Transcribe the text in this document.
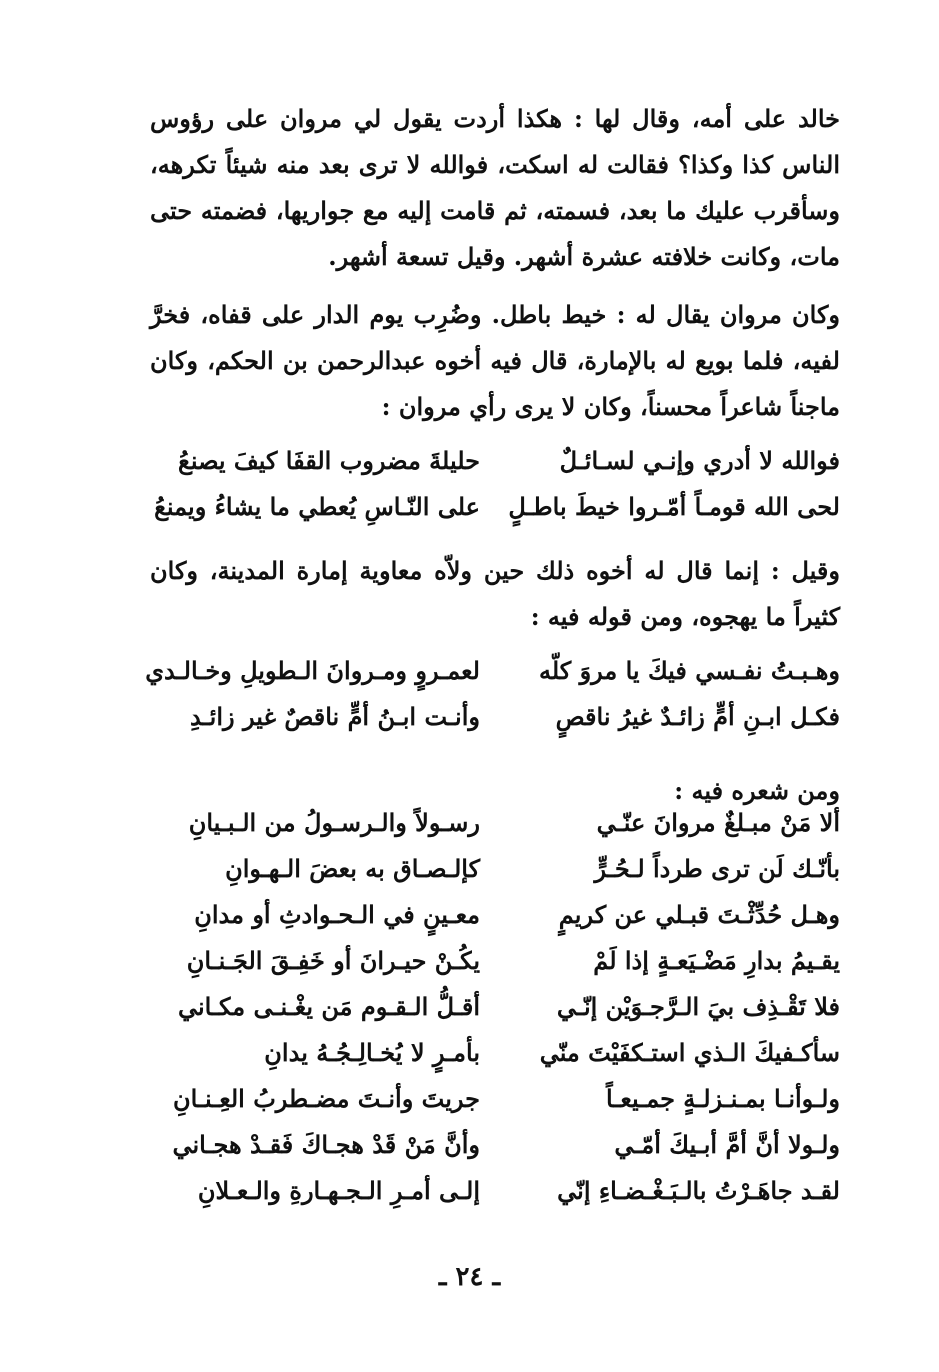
خالد على أمه، وقال لها : هكذا أردت يقول لي مروان على رؤوس الناس كذا وكذا؟ فقالت له اسكت، فوالله لا ترى بعد منه شيئاً تكرهه، وسأقرب عليك ما بعد، فسمته، ثم قامت إليه مع جواريها، فضمته حتى مات، وكانت خلافته عشرة أشهر. وقيل تسعة أشهر.
وكان مروان يقال له : خيط باطل. وضُرِب يوم الدار على قفاه، فخرَّ لفيه، فلما بويع له بالإمارة، قال فيه أخوه عبدالرحمن بن الحكم، وكان ماجناً شاعراً محسناً، وكان لا يرى رأي مروان :
فوالله لا أدري وإنـي لسـائـلٌ
حليلةَ مضروب القفَا كيفَ يصنعُ
لحى الله قومـاً أمّـروا خيطَ باطـلٍ
على النّـاسِ يُعطي ما يشاءُ ويمنعُ
وقيل : إنما قال له أخوه ذلك حين ولاّه معاوية إمارة المدينة، وكان كثيراً ما يهجوه، ومن قوله فيه :
وهـبـتُ نفـسي فيكَ يا مروَ كلّه
لعمـروٍ ومـروانَ الـطويلِ وخـالـدي
فكـل ابـنِ أمٍّ زائـدٌ غيرُ ناقصٍ
وأنـت ابـنُ أمٍّ ناقصٌ غير زائـدِ
ومن شعره فيه :
ألا مَنْ مبـلغٌ مروانَ عنّـي
رسـولاً والـرسـولُ من الـبـيانِ
بأنّـك لَن ترى طرداً لـحُـرٍّ
كإلـصـاق به بعضَ الـهـوانِ
وهـل حُدِّثْـتَ قبـلي عن كريمٍ
معـينٍ في الـحـوادثِ أو مدانِ
يقـيمُ بدارِ مَضْـيَعـةٍ إذا لَمْ
يكُـنْ حيـرانَ أو خَفِـقَ الجَـنـانِ
فلا تَقْـذِف بيَ الـرَّجـوَيْن إنّـي
أقـلُّ الـقـوم مَن يغْـنـى مكـاني
سأكـفيكَ الـذي استـكفَيْتَ منّي
بأمـرٍ لا يُخـالِـجُـهُ يدانِ
ولـوأنـا بمـنـزلـةٍ جمـيعـاً
جريتَ وأنـتَ مضـطربُ العِـنـانِ
ولـولا أنَّ أمَّ أبـيكَ أمّـي
وأنَّ مَنْ قَدْ هجـاكَ فَقـدْ هجـاني
لقـد جاهَـرْتُ بالـبَـغْـضـاءِ إنّي
إلـى أمـرِ الـجـهـارةِ والـعـلانِ
ـ ٢٤ ـ
